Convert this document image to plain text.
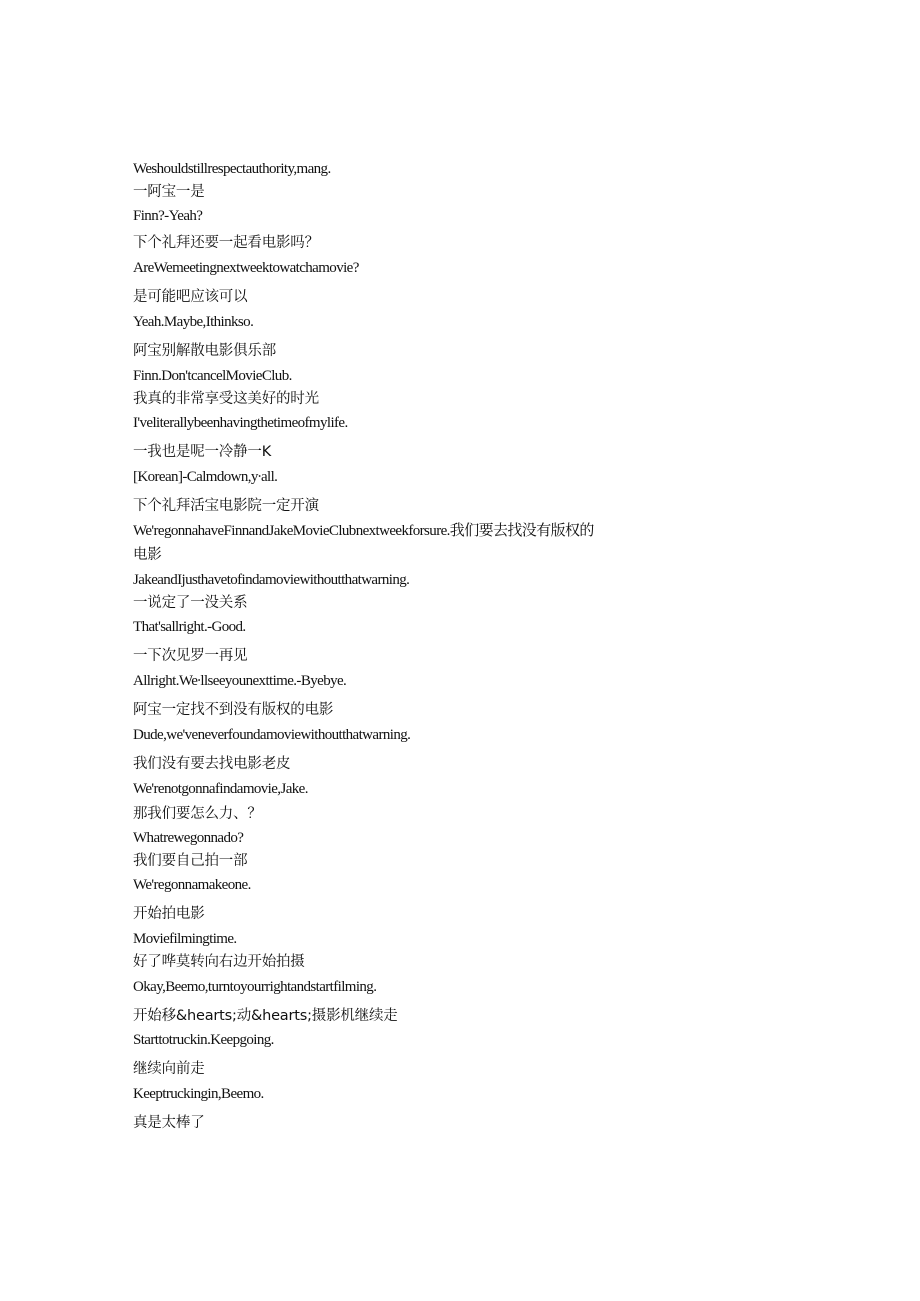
Weshouldstillrespectauthority,mang.
一阿宝一是
Finn?-Yeah?
下个礼拜还要一起看电影吗？
AreWemeetingnextweektowatchamovie?
是可能吧应该可以
Yeah.Maybe,Ithinkso.
阿宝别解散电影俱乐部
Finn.Don'tcancelMovieClub.
我真的非常享受这美好的时光
I'veliterallybeenhavingthetimeofmylife.
一我也是呢一冷静一K
[Korean]-Calmdown,y∙all.
下个礼拜活宝电影院一定开演
We'regonnahaveFinnandJakeMovieClubnextweekforsure.我们要去找没有版权的
电影
JakeandIjusthavetofindamoviewithoutthatwarning.
一说定了一没关系
That'sallright.-Good.
一下次见罗一再见
Allright.We∙llseeyounexttime.-Byebye.
阿宝一定找不到没有版权的电影
Dude,we'veneverfoundamoviewithoutthatwarning.
我们没有要去找电影老皮
We'renotgonnafindamovie,Jake.
那我们要怎么力、？
Whatrewegonnado?
我们要自己拍一部
We'regonnamakeone.
开始拍电影
Moviefilmingtime.
好了哗莫转向右边开始拍摄
Okay,Beemo,turntoyourrightandstartfilming.
开始移&hearts;动&hearts;摄影机继续走
Starttotruckin.Keepgoing.
继续向前走
Keeptruckingin,Beemo.
真是太棒了
